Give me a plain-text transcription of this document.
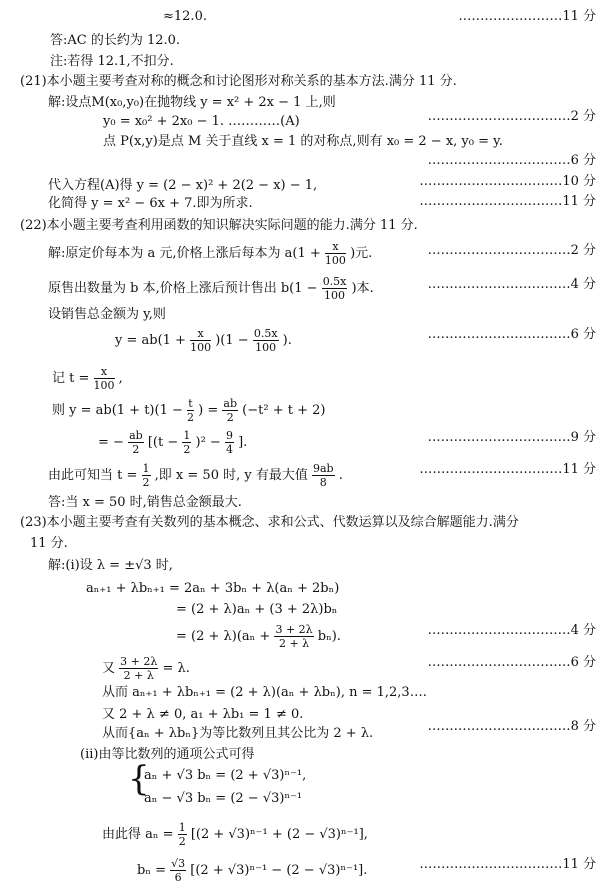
≈12.0.	……………………11 分
答:AC 的长约为 12.0.
注:若得 12.1,不扣分.
(21)本小题主要考查对称的概念和讨论图形对称关系的基本方法.满分 11 分.
解:设点M(x₀,y₀)在抛物线 y = x² + 2x − 1 上,则
y₀ = x₀² + 2x₀ − 1. …………(A)	……………………………2 分
点 P(x,y)是点 M 关于直线 x = 1 的对称点,则有 x₀ = 2 − x, y₀ = y.
……………………………6 分
代入方程(A)得 y = (2 − x)² + 2(2 − x) − 1,	……………………………10 分
化简得 y = x² − 6x + 7.即为所求.	……………………………11 分
(22)本小题主要考查利用函数的知识解决实际问题的能力.满分 11 分.
解:原定价每本为 a 元,价格上涨后每本为 $a(1 + \frac{x}{100}$ )元.	……………………………2 分
原售出数量为 b 本,价格上涨后预计售出 $b(1 - \frac{0.5x}{100}$ )本.	……………………………4 分
设销售总金额为 y,则
$y = ab(1 + \frac{x}{100} )(1 - \frac{0.5x}{100}$ ).	……………………………6 分
记 $t = \frac{x}{100}$ ,
则 $y = ab(1 + t)(1 - \frac{t}{2}$ ) = $\frac{ab}{2} (-t^2 + t + 2)$
= − $\frac{ab}{2} [(t - \frac{1}{2} )^2 - \frac{9}{4}$ ].	……………………………9 分
由此可知当 $t = \frac{1}{2}$ ,即 x = 50 时, y 有最大值 $\frac{9ab}{8}$ .	……………………………11 分
答:当 x = 50 时,销售总金额最大.
(23)本小题主要考查有关数列的基本概念、求和公式、代数运算以及综合解题能力.满分
11 分.
解:(i)设 λ = ±√3 时,
aₙ₊₁ + λbₙ₊₁ = 2aₙ + 3bₙ + λ(aₙ + 2bₙ)
= (2 + λ)aₙ + (3 + 2λ)bₙ
= $(2 + \lambda)(a_n + \frac{3 + 2\lambda}{2 + \lambda} b_n)$.	……………………………4 分
又 $\frac{3 + 2\lambda}{2 + \lambda} = \lambda$.	……………………………6 分
从而 aₙ₊₁ + λbₙ₊₁ = (2 + λ)(aₙ + λbₙ), n = 1,2,3….
又 2 + λ ≠ 0, a₁ + λb₁ = 1 ≠ 0.
从而{aₙ + λbₙ}为等比数列且其公比为 2 + λ.	……………………………8 分
(ii)由等比数列的通项公式可得
{
aₙ + √3 bₙ = (2 + √3)ⁿ⁻¹,
aₙ − √3 bₙ = (2 − √3)ⁿ⁻¹
由此得 $a_n = \frac{1}{2} [(2 + √3)^{n-1} + (2 - √3)^{n-1}]$,
$b_n = \frac{√3}{6} [(2 + √3)^{n-1} - (2 - √3)^{n-1}]$.	……………………………11 分
